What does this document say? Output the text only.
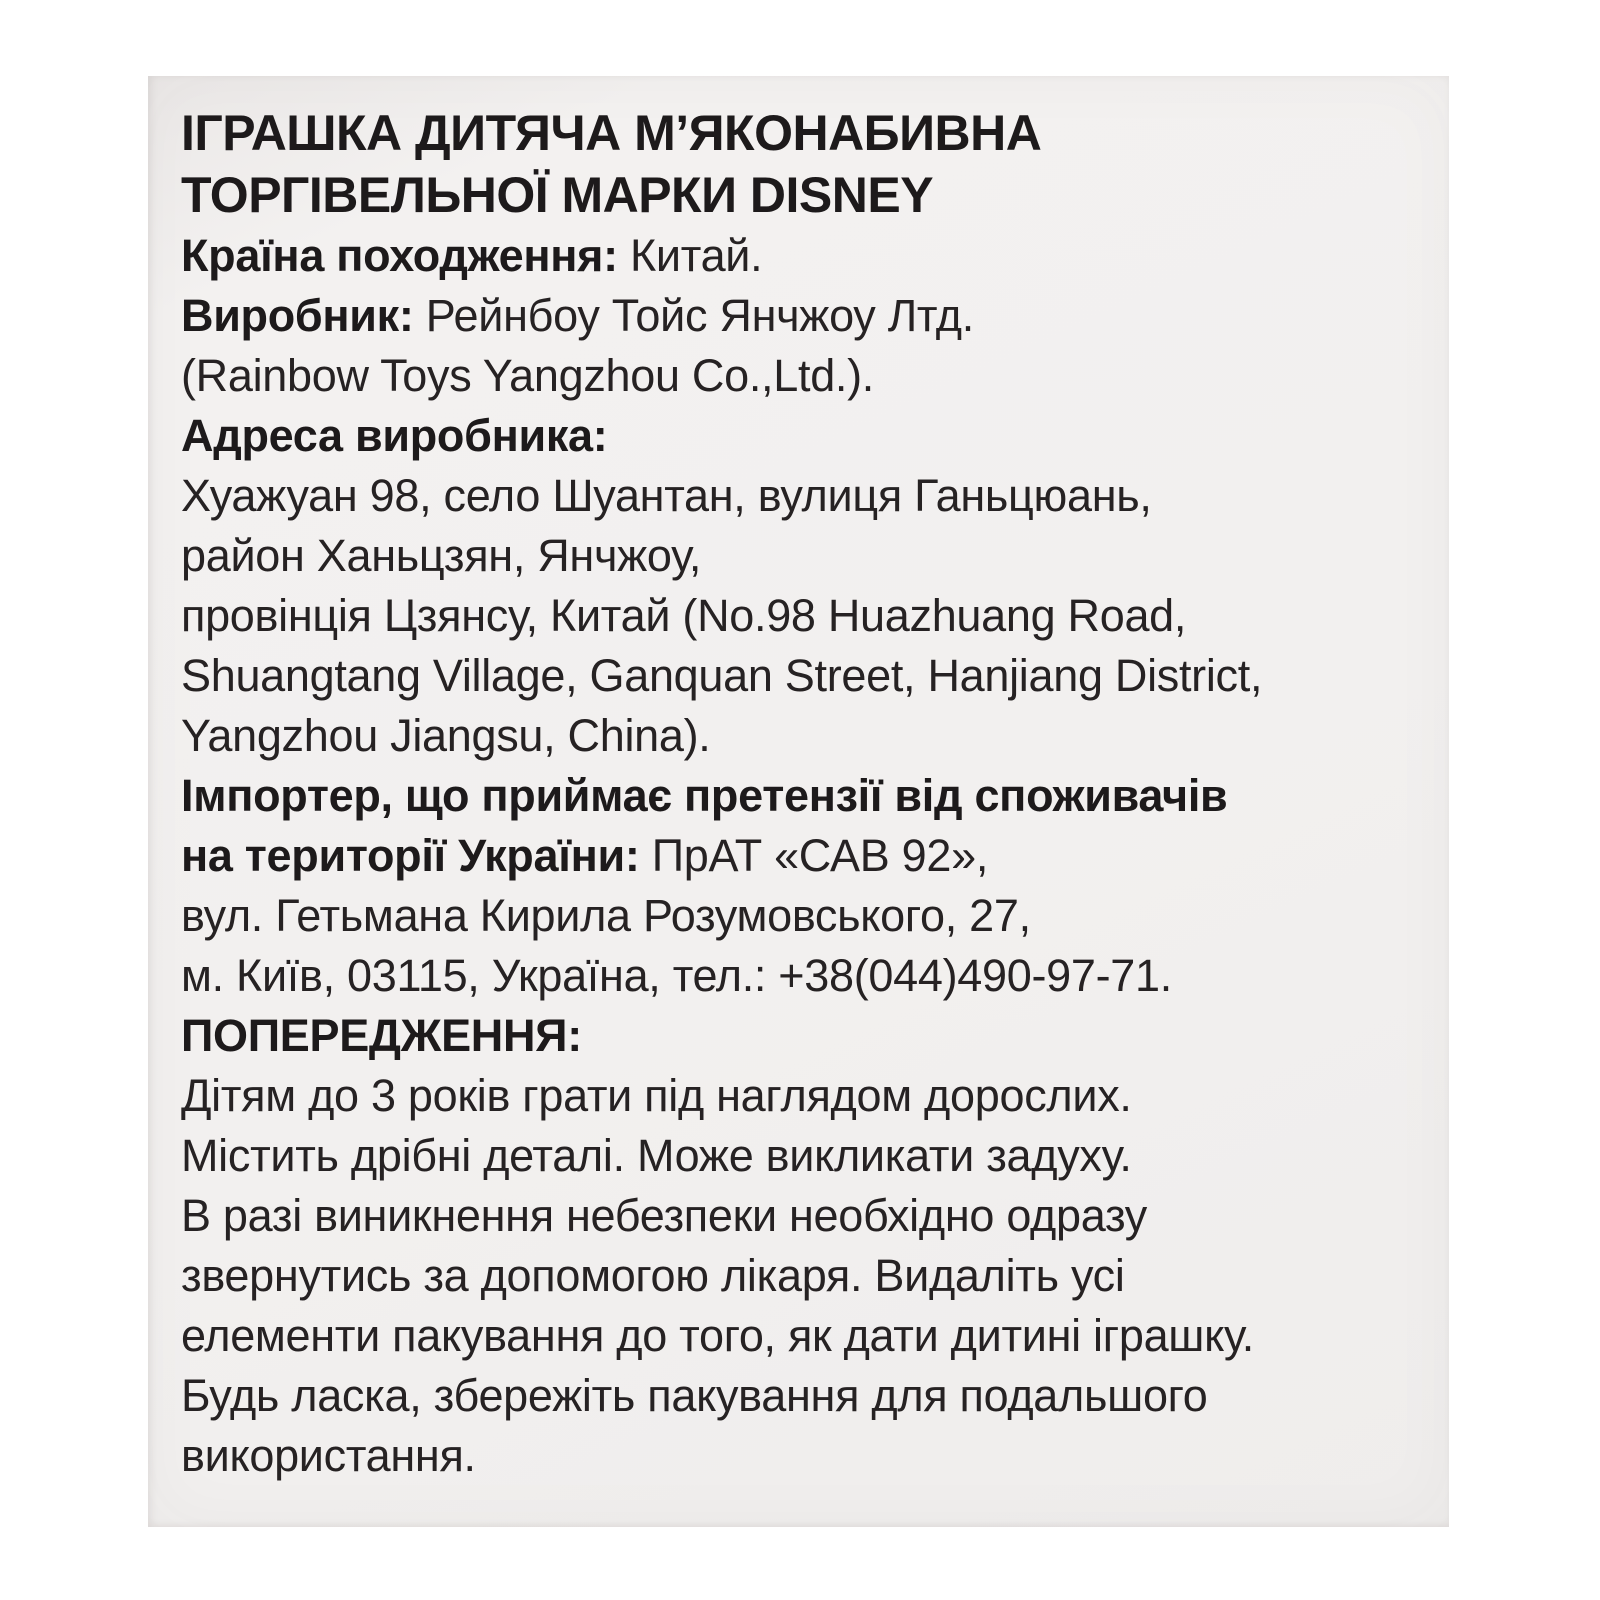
ІГРАШКА ДИТЯЧА М’ЯКОНАБИВНА
ТОРГІВЕЛЬНОЇ МАРКИ DISNEY
Країна походження: Китай.
Виробник: Рейнбоу Тойс Янчжоу Лтд.
(Rainbow Toys Yangzhou Co.,Ltd.).
Адреса виробника:
Хуажуан 98, село Шуантан, вулиця Ганьцюань,
район Ханьцзян, Янчжоу,
провінція Цзянсу, Китай (No.98 Huazhuang Road,
Shuangtang Village, Ganquan Street, Hanjiang District,
Yangzhou Jiangsu, China).
Імпортер, що приймає претензії від споживачів
на території України: ПрАТ «САВ 92»,
вул. Гетьмана Кирила Розумовського, 27,
м. Київ, 03115, Україна, тел.: +38(044)490-97-71.
ПОПЕРЕДЖЕННЯ:
Дітям до 3 років грати під наглядом дорослих.
Містить дрібні деталі. Може викликати задуху.
В разі виникнення небезпеки необхідно одразу
звернутись за допомогою лікаря. Видаліть усі
елементи пакування до того, як дати дитині іграшку.
Будь ласка, збережіть пакування для подальшого
використання.
